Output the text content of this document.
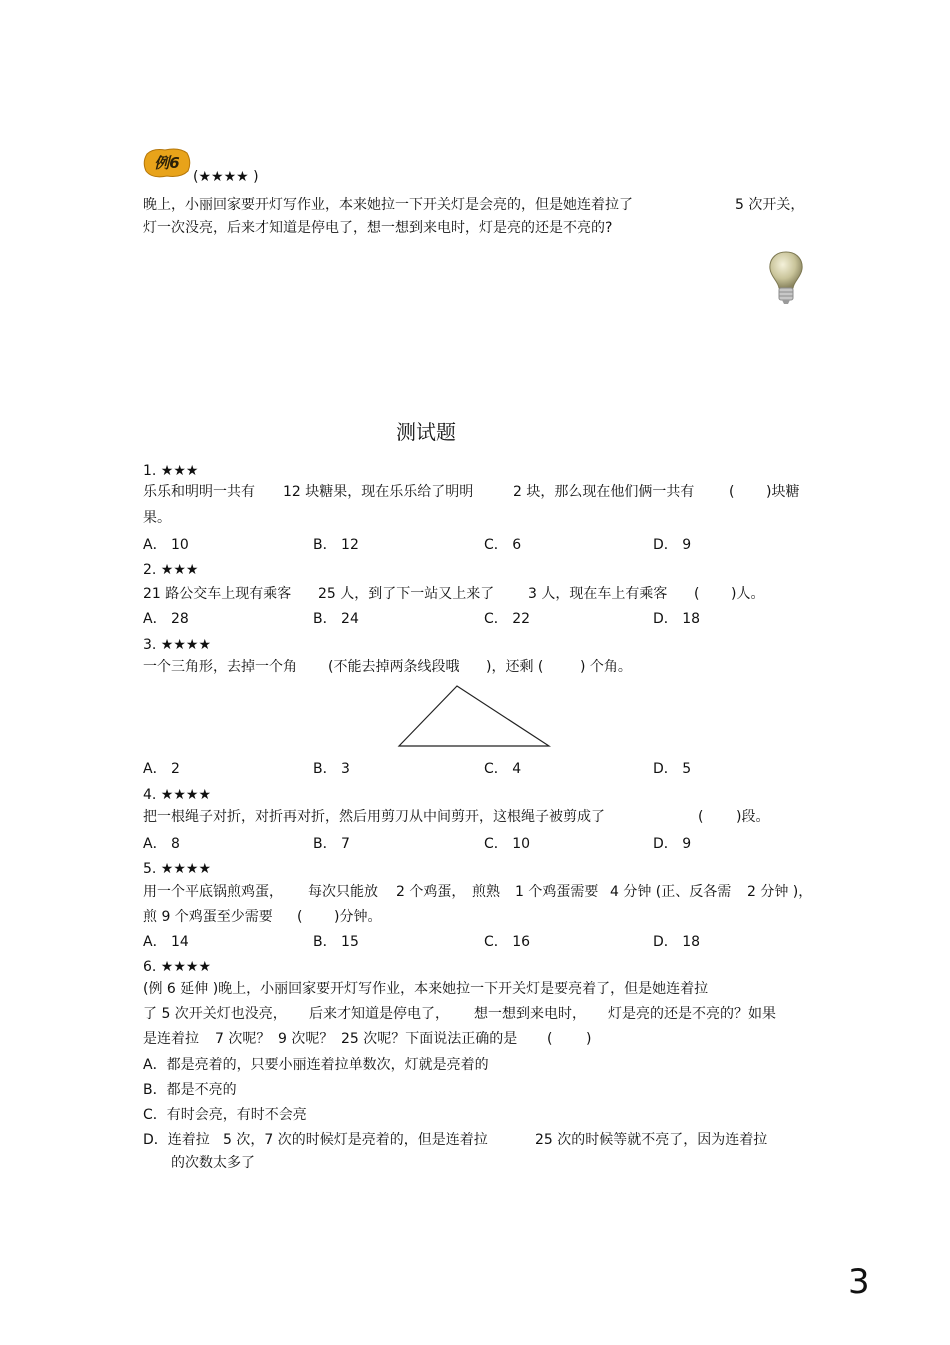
例6
(★★★★ )
晚上，小丽回家要开灯写作业，本来她拉一下开关灯是会亮的，但是她连着拉了	5 次开关，
灯一次没亮，后来才知道是停电了，想一想到来电时，灯是亮的还是不亮的?
测试题
1. ★★★
乐乐和明明一共有 12 块糖果，现在乐乐给了明明	2 块，那么现在他们俩一共有 ( )块糖
果。
A． 10	B． 12	C． 6	D． 9
2. ★★★
21 路公交车上现有乘客 25 人，到了下一站又上来了 3 人，现在车上有乘客 ( )人。
A． 28	B． 24	C． 22	D． 18
3. ★★★★
一个三角形，去掉一个角 (不能去掉两条线段哦 )，还剩 (	) 个角。
A． 2	B． 3	C． 4	D． 5
4. ★★★★
把一根绳子对折，对折再对折，然后用剪刀从中间剪开，这根绳子被剪成了	( )段。
A． 8	B． 7	C． 10	D． 9
5. ★★★★
用一个平底锅煎鸡蛋， 每次只能放 2 个鸡蛋， 煎熟 1 个鸡蛋需要 4 分钟 (正、反各需 2 分钟 )，
煎 9 个鸡蛋至少需要 ( )分钟。
A． 14	B． 15	C． 16	D． 18
6. ★★★★
(例 6 延伸 )晚上，小丽回家要开灯写作业，本来她拉一下开关灯是要亮着了，但是她连着拉
了 5 次开关灯也没亮， 后来才知道是停电了， 想一想到来电时， 灯是亮的还是不亮的？如果
是连着拉 7 次呢？ 9 次呢？ 25 次呢？下面说法正确的是 ( )
A．都是亮着的，只要小丽连着拉单数次，灯就是亮着的
B．都是不亮的
C．有时会亮，有时不会亮
D．连着拉 5 次，7 次的时候灯是亮着的，但是连着拉	25 次的时候等就不亮了，因为连着拉
的次数太多了
3
